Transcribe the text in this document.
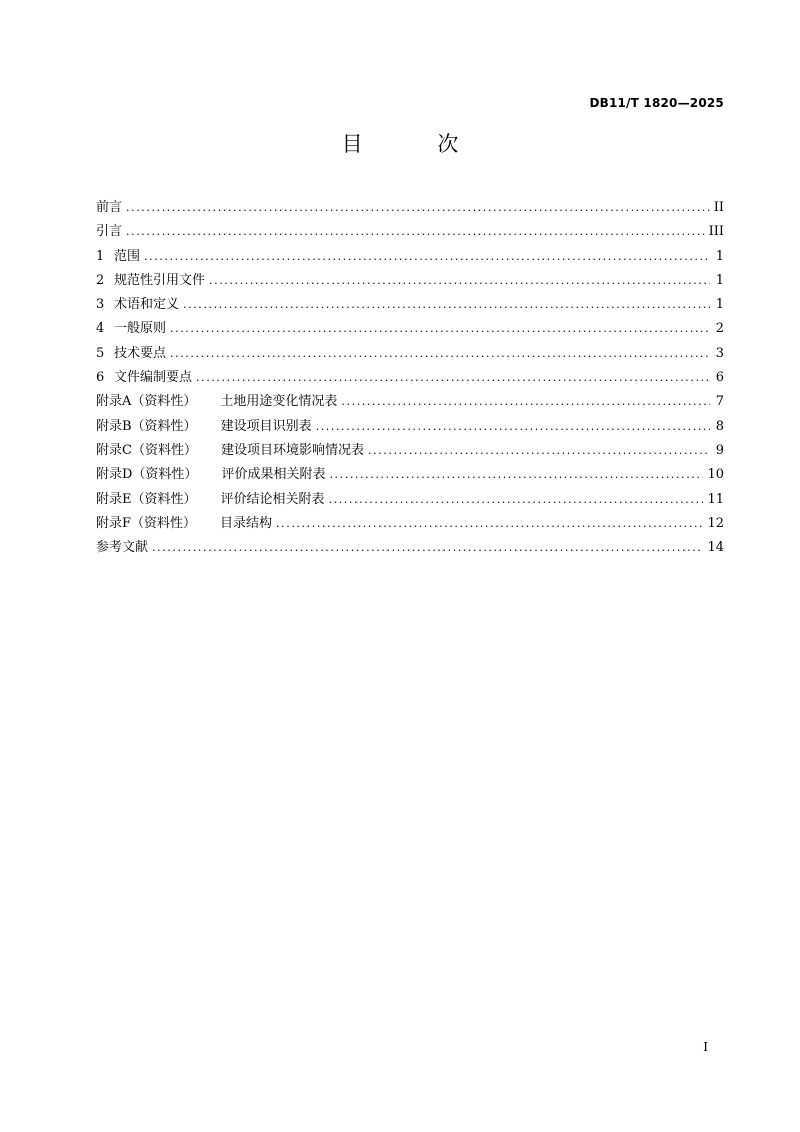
DB11/T 1820—2025
目 次
前言 .....	II
引言 .....	III
1 范围 .....	1
2 规范性引用文件 .....	1
3 术语和定义 .....	1
4 一般原则 .....	2
5 技术要点 .....	3
6 文件编制要点 .....	6
附录A（资料性） 土地用途变化情况表 .....	7
附录B（资料性） 建设项目识别表 .....	8
附录C（资料性） 建设项目环境影响情况表 .....	9
附录D（资料性） 评价成果相关附表 .....	10
附录E（资料性） 评价结论相关附表 .....	11
附录F（资料性） 目录结构 .....	12
参考文献 .....	14
I
